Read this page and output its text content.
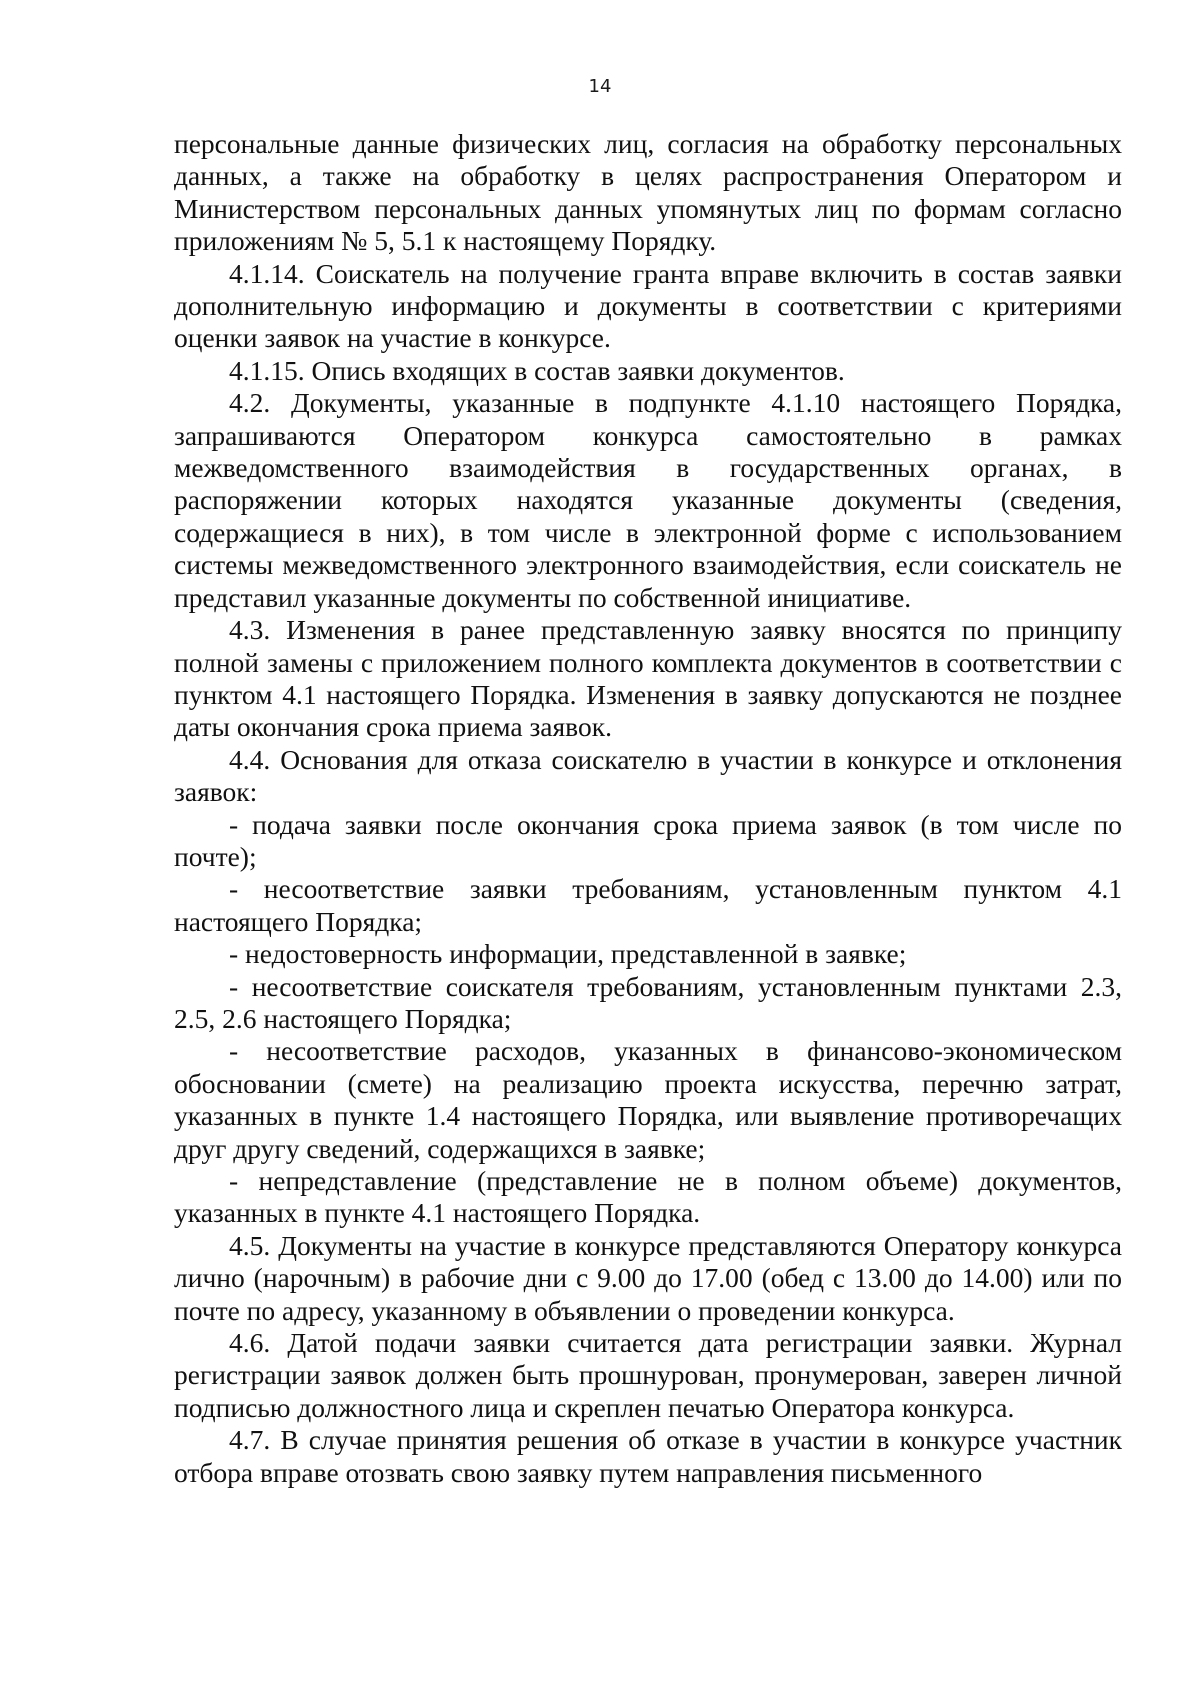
14

персональные данные физических лиц, согласия на обработку персональных данных, а также на обработку в целях распространения Оператором и Министерством персональных данных упомянутых лиц по формам согласно приложениям № 5, 5.1 к настоящему Порядку.

4.1.14. Соискатель на получение гранта вправе включить в состав заявки дополнительную информацию и документы в соответствии с критериями оценки заявок на участие в конкурсе.

4.1.15. Опись входящих в состав заявки документов.

4.2. Документы, указанные в подпункте 4.1.10 настоящего Порядка, запрашиваются Оператором конкурса самостоятельно в рамках межведомственного взаимодействия в государственных органах, в распоряжении которых находятся указанные документы (сведения, содержащиеся в них), в том числе в электронной форме с использованием системы межведомственного электронного взаимодействия, если соискатель не представил указанные документы по собственной инициативе.

4.3. Изменения в ранее представленную заявку вносятся по принципу полной замены с приложением полного комплекта документов в соответствии с пунктом 4.1 настоящего Порядка. Изменения в заявку допускаются не позднее даты окончания срока приема заявок.

4.4. Основания для отказа соискателю в участии в конкурсе и отклонения заявок:

- подача заявки после окончания срока приема заявок (в том числе по почте);

- несоответствие заявки требованиям, установленным пунктом 4.1 настоящего Порядка;

- недостоверность информации, представленной в заявке;

- несоответствие соискателя требованиям, установленным пунктами 2.3, 2.5, 2.6 настоящего Порядка;

- несоответствие расходов, указанных в финансово-экономическом обосновании (смете) на реализацию проекта искусства, перечню затрат, указанных в пункте 1.4 настоящего Порядка, или выявление противоречащих друг другу сведений, содержащихся в заявке;

- непредставление (представление не в полном объеме) документов, указанных в пункте 4.1 настоящего Порядка.

4.5. Документы на участие в конкурсе представляются Оператору конкурса лично (нарочным) в рабочие дни с 9.00 до 17.00 (обед с 13.00 до 14.00) или по почте по адресу, указанному в объявлении о проведении конкурса.

4.6. Датой подачи заявки считается дата регистрации заявки. Журнал регистрации заявок должен быть прошнурован, пронумерован, заверен личной подписью должностного лица и скреплен печатью Оператора конкурса.

4.7. В случае принятия решения об отказе в участии в конкурсе участник отбора вправе отозвать свою заявку путем направления письменного
